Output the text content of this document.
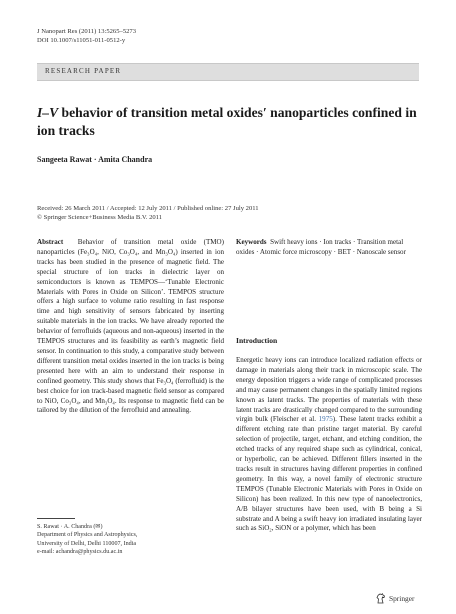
J Nanopart Res (2011) 13:5265–5273
DOI 10.1007/s11051-011-0512-y
RESEARCH PAPER
I–V behavior of transition metal oxides′ nanoparticles confined in ion tracks
Sangeeta Rawat · Amita Chandra
Received: 26 March 2011 / Accepted: 12 July 2011 / Published online: 27 July 2011
© Springer Science+Business Media B.V. 2011

Abstract Behavior of transition metal oxide (TMO) nanoparticles (Fe₃O₄, NiO, Co₃O₄, and Mn₃O₄) inserted in ion tracks has been studied in the presence of magnetic field. The special structure of ion tracks in dielectric layer on semiconductors is known as TEMPOS—‘Tunable Electronic Materials with Pores in Oxide on Silicon’. TEMPOS structure offers a high surface to volume ratio resulting in fast response time and high sensitivity of sensors fabricated by inserting suitable materials in the ion tracks. We have already reported the behavior of ferrofluids (aqueous and non-aqueous) inserted in the TEMPOS structures and its feasibility as earth’s magnetic field sensor. In continuation to this study, a comparative study between different transition metal oxides inserted in the ion tracks is being presented here with an aim to understand their response in confined geometry. This study shows that Fe₃O₄ (ferrofluid) is the best choice for ion track-based magnetic field sensor as compared to NiO, Co₃O₄, and Mn₃O₄. Its response to magnetic field can be tailored by the dilution of the ferrofluid and annealing.

Keywords Swift heavy ions · Ion tracks · Transition metal oxides · Atomic force microscopy · BET · Nanoscale sensor

Introduction

Energetic heavy ions can introduce localized radiation effects or damage in materials along their track in microscopic scale. The energy deposition triggers a wide range of complicated processes and may cause permanent changes in the spatially limited regions known as latent tracks. The properties of materials with these latent tracks are drastically changed compared to the surrounding virgin bulk (Fleischer et al. 1975). These latent tracks exhibit a different etching rate than pristine target material. By careful selection of projectile, target, etchant, and etching condition, the etched tracks of any required shape such as cylindrical, conical, or hyperbolic, can be achieved. Different fillers inserted in the tracks result in structures having different properties in confined geometry. In this way, a novel family of electronic structure TEMPOS (Tunable Electronic Materials with Pores in Oxide on Silicon) has been realized. In this new type of nanoelectronics, A/B bilayer structures have been used, with B being a Si substrate and A being a swift heavy ion irradiated insulating layer such as SiO₂, SiON or a polymer, which has been

S. Rawat · A. Chandra (✉)
Department of Physics and Astrophysics,
University of Delhi, Delhi 110007, India
e-mail: achandra@physics.du.ac.in
Springer
